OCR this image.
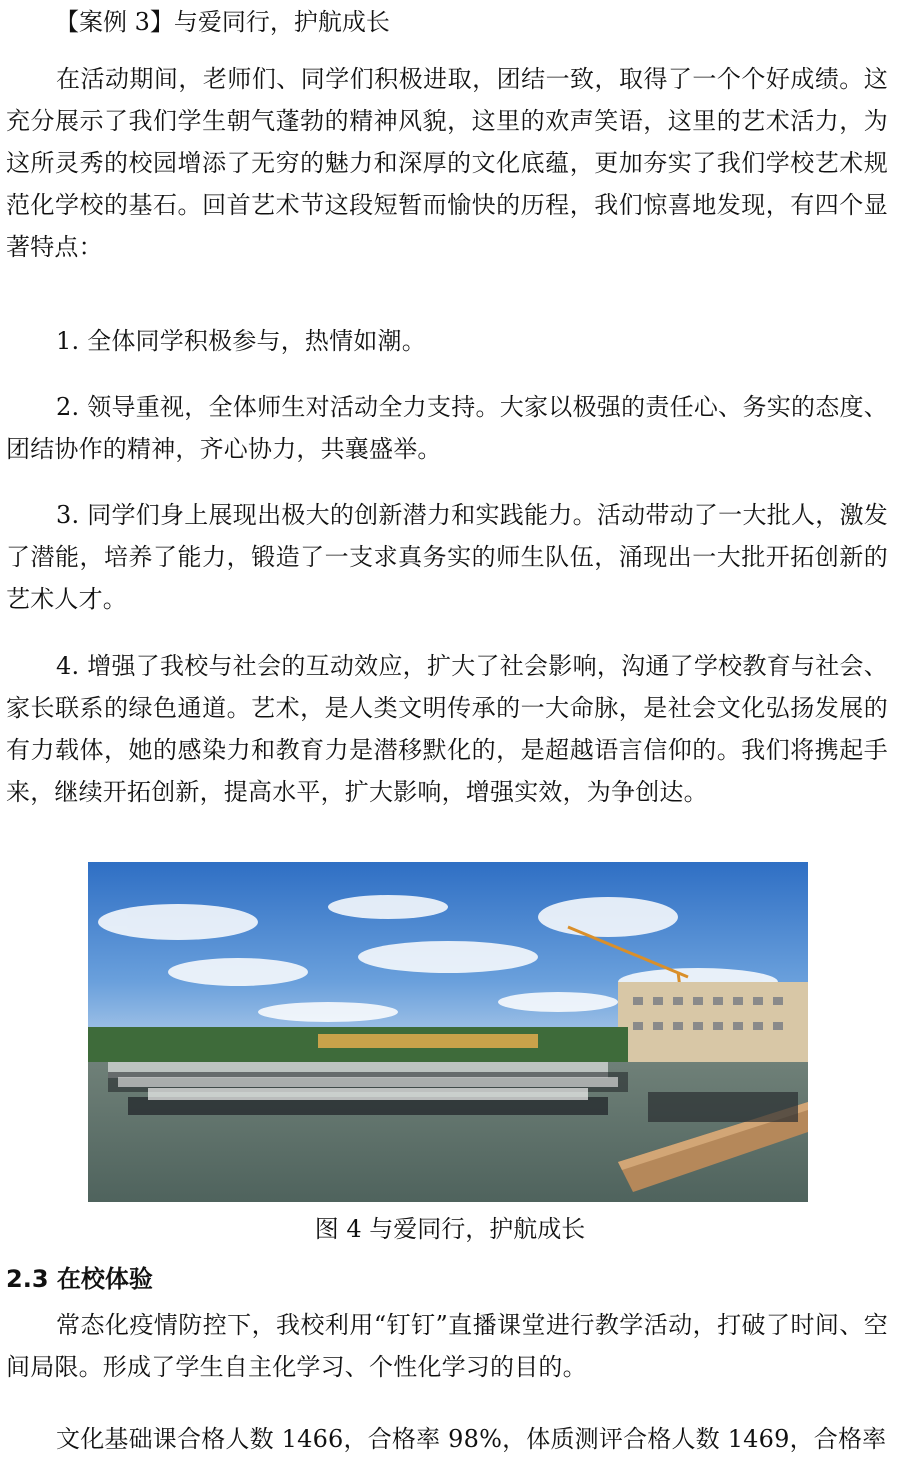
【案例 3】与爱同行，护航成长

在活动期间，老师们、同学们积极进取，团结一致，取得了一个个好成绩。这充分展示了我们学生朝气蓬勃的精神风貌，这里的欢声笑语，这里的艺术活力，为这所灵秀的校园增添了无穷的魅力和深厚的文化底蕴，更加夯实了我们学校艺术规范化学校的基石。回首艺术节这段短暂而愉快的历程，我们惊喜地发现，有四个显著特点：

1. 全体同学积极参与，热情如潮。

2. 领导重视，全体师生对活动全力支持。大家以极强的责任心、务实的态度、团结协作的精神，齐心协力，共襄盛举。

3. 同学们身上展现出极大的创新潜力和实践能力。活动带动了一大批人，激发了潜能，培养了能力，锻造了一支求真务实的师生队伍，涌现出一大批开拓创新的艺术人才。

4. 增强了我校与社会的互动效应，扩大了社会影响，沟通了学校教育与社会、家长联系的绿色通道。艺术，是人类文明传承的一大命脉，是社会文化弘扬发展的有力载体，她的感染力和教育力是潜移默化的，是超越语言信仰的。我们将携起手来，继续开拓创新，提高水平，扩大影响，增强实效，为争创达。

图 4 与爱同行，护航成长
2.3 在校体验

常态化疫情防控下，我校利用“钉钉”直播课堂进行教学活动，打破了时间、空间局限。形成了学生自主化学习、个性化学习的目的。

文化基础课合格人数 1466，合格率 98%，体质测评合格人数 1469，合格率
